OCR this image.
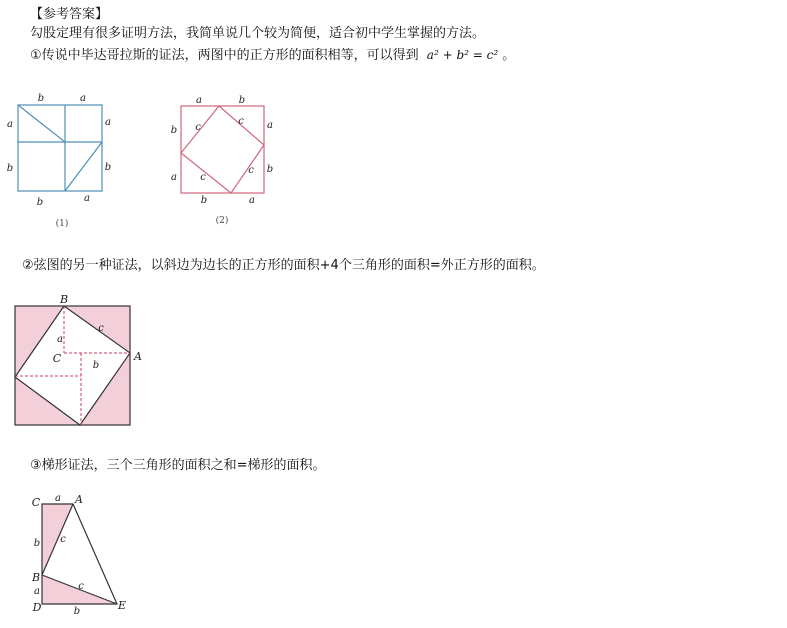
【参考答案】
勾股定理有很多证明方法，我简单说几个较为简便，适合初中学生掌握的方法。
①传说中毕达哥拉斯的证法，两图中的正方形的面积相等，可以得到 a² + b² = c² 。
②弦图的另一种证法，以斜边为边长的正方形的面积+4个三角形的面积=外正方形的面积。
③梯形证法，三个三角形的面积之和=梯形的面积。
b	a
a
b
a
b
b	a
(1)
a	b
b
a
a
b
b	a
c
c
c
c
(2)
B
A
C
a
b
c
C	A
B
D	E
a
b c
a	c
b
